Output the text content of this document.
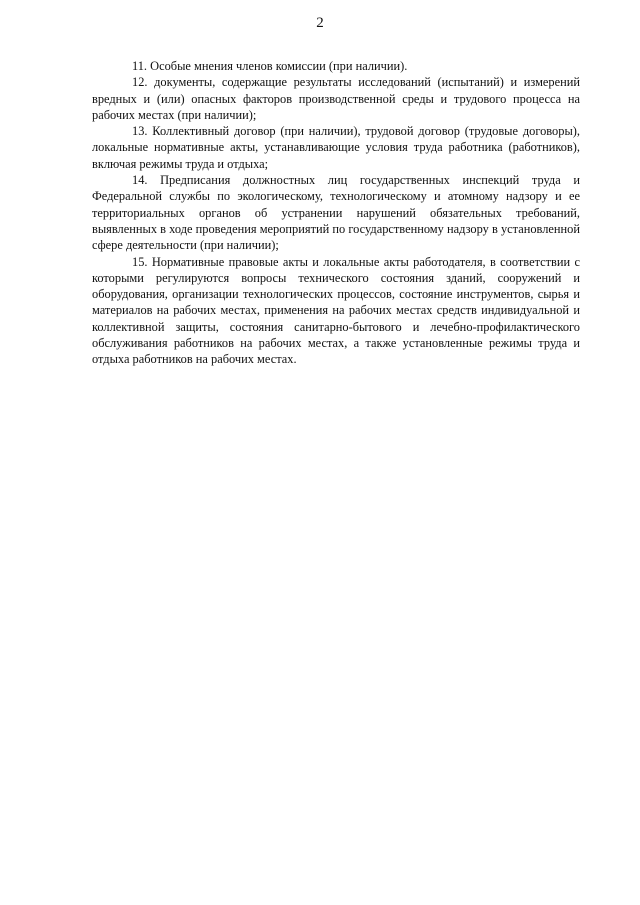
2

11. Особые мнения членов комиссии (при наличии).

12. документы, содержащие результаты исследований (испытаний) и измерений вредных и (или) опасных факторов производственной среды и трудового процесса на рабочих местах (при наличии);

13. Коллективный договор (при наличии), трудовой договор (трудовые договоры), локальные нормативные акты, устанавливающие условия труда работника (работников), включая режимы труда и отдыха;

14. Предписания должностных лиц государственных инспекций труда и Федеральной службы по экологическому, технологическому и атомному надзору и ее территориальных органов об устранении нарушений обязательных требований, выявленных в ходе проведения мероприятий по государственному надзору в установленной сфере деятельности (при наличии);

15. Нормативные правовые акты и локальные акты работодателя, в соответствии с которыми регулируются вопросы технического состояния зданий, сооружений и оборудования, организации технологических процессов, состояние инструментов, сырья и материалов на рабочих местах, применения на рабочих местах средств индивидуальной и коллективной защиты, состояния санитарно-бытового и лечебно-профилактического обслуживания работников на рабочих местах, а также установленные режимы труда и отдыха работников на рабочих местах.
